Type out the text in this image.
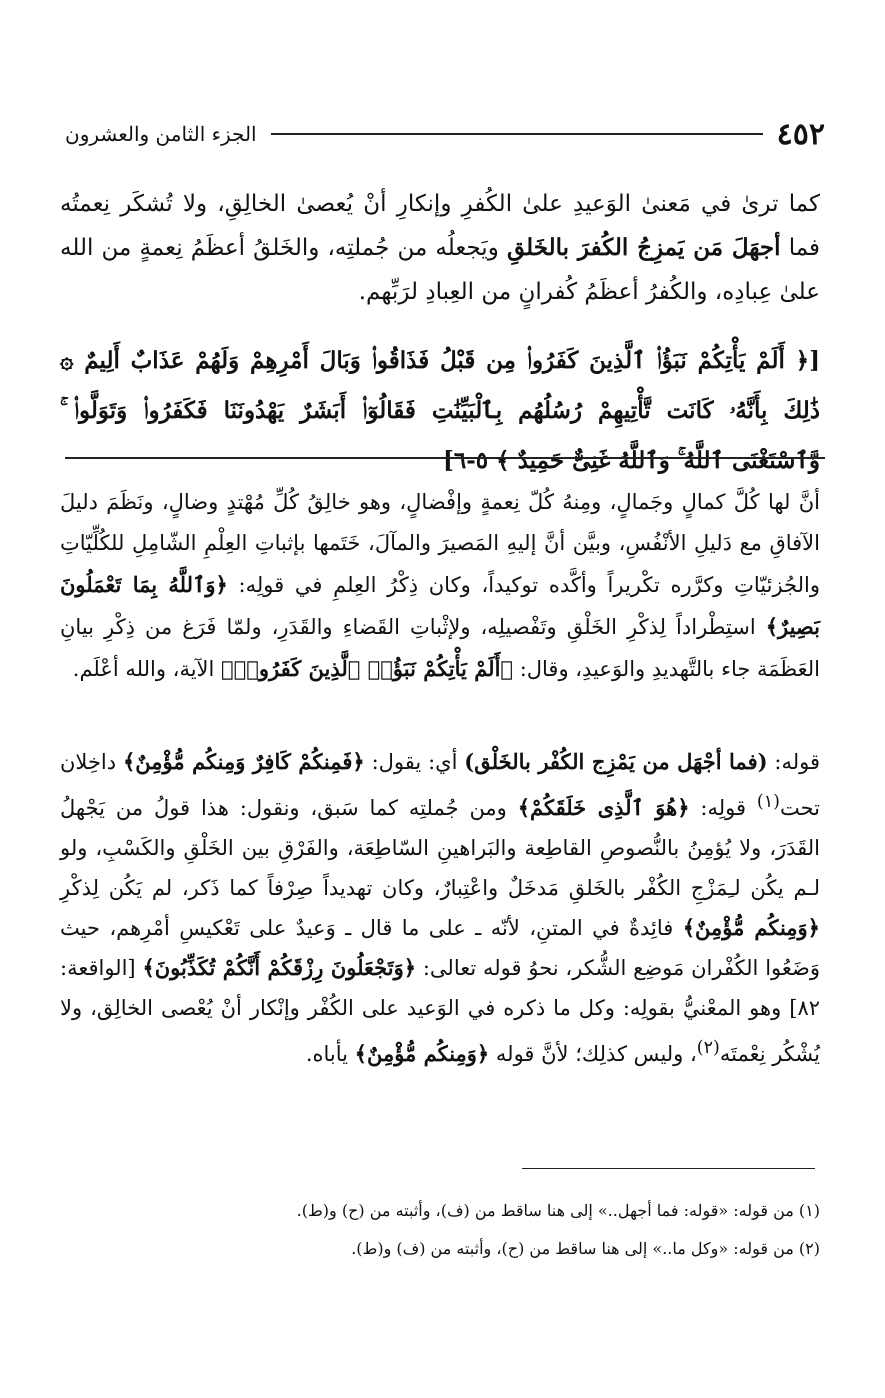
٤٥٢
الجزء الثامن والعشرون

كما ترىٰ في مَعنىٰ الوَعيدِ علىٰ الكُفرِ وإنكارِ أنْ يُعصىٰ الخالِقِ، ولا تُشكَر نِعمتُه فما أجهَلَ مَن يَمزِجُ الكُفرَ بالخَلقِ ويَجعلُه من جُملتِه، والخَلقُ أعظَمُ نِعمةٍ من الله علىٰ عِبادِه، والكُفرُ أعظَمُ كُفرانٍ من العِبادِ لرَبِّهم.

[﴿ أَلَمْ يَأْتِكُمْ نَبَؤُا۟ ٱلَّذِينَ كَفَرُوا۟ مِن قَبْلُ فَذَاقُوا۟ وَبَالَ أَمْرِهِمْ وَلَهُمْ عَذَابٌ أَلِيمٌ ۞ ذَٰلِكَ بِأَنَّهُۥ كَانَت تَّأْتِيهِمْ رُسُلُهُم بِٱلْبَيِّنَٰتِ فَقَالُوٓا۟ أَبَشَرٌ يَهْدُونَنَا فَكَفَرُوا۟ وَتَوَلَّوا۟ ۚ وَّٱسْتَغْنَى ٱللَّهُ ۚ وَٱللَّهُ غَنِىٌّ حَمِيدٌ ﴾ ٥-٦]

أنَّ لها كُلَّ كمالٍ وجَمالٍ، ومِنهُ كُلّ نِعمةٍ وإفْضالٍ، وهو خالِقُ كُلِّ مُهْتدٍ وضالٍ، ونَظَمَ دليلَ الآفاقِ مع دَليلِ الأنْفُسِ، وبيَّن أنَّ إليهِ المَصيرَ والمآلَ، خَتَمها بإثباتِ العِلْمِ الشّامِلِ للكُلِّيّاتِ والجُزئيّاتِ وكرَّره تكْريراً وأكَّده توكيداً، وكان ذِكْرُ العِلمِ في قولِه: ﴿وَٱللَّهُ بِمَا تَعْمَلُونَ بَصِيرٌ﴾ استِطْراداً لِذكْرِ الخَلْقِ وتَفْصيلِه، ولإثْباتِ القَضاءِ والقَدَرِ، ولمّا فَرَغ من ذِكْرِ بيانِ العَظَمَة جاء بالتَّهديدِ والوَعيدِ، وقال: ﴿أَلَمْ يَأْتِكُمْ نَبَؤُا۟ ٱلَّذِينَ كَفَرُوا۟﴾ الآية، والله أعْلَم.

قوله: (فما أجْهَل من يَمْزِج الكُفْر بالخَلْق) أي: يقول: ﴿فَمِنكُمْ كَافِرٌ وَمِنكُم مُّؤْمِنٌ﴾ داخِلان تحت$^{(١)}$ قولِه: ﴿هُوَ ٱلَّذِى خَلَقَكُمْ﴾ ومن جُملتِه كما سَبق، ونقول: هذا قولُ من يَجْهلُ القَدَرَ، ولا يُؤمِنُ بالنُّصوصِ القاطِعة والبَراهينِ السّاطِعَة، والفَرْقِ بين الخَلْقِ والكَسْبِ، ولو لـم يكُن لـِمَزْجِ الكُفْر بالخَلقِ مَدخَلٌ واعْتِبارٌ، وكان تهديداً صِرْفاً كما ذَكر، لم يَكُن لِذكْرِ ﴿وَمِنكُم مُّؤْمِنٌ﴾ فائِدةٌ في المتنِ، لأنّه ـ على ما قال ـ وَعيدٌ على تَعْكيسِ أمْرِهم، حيث وَضَعُوا الكُفْران مَوضِع الشُّكر، نحوُ قوله تعالى: ﴿وَتَجْعَلُونَ رِزْقَكُمْ أَنَّكُمْ تُكَذِّبُونَ﴾ [الواقعة: ٨٢] وهو المعْنيُّ بقولِه: وكل ما ذكره في الوَعيد على الكُفْر وإنْكار أنْ يُعْصى الخالِق، ولا يُشْكُر نِعْمتَه$^{(٢)}$، وليس كذلِك؛ لأنَّ قوله ﴿وَمِنكُم مُّؤْمِنٌ﴾ يأباه.

(١) من قوله: «قوله: فما أجهل..» إلى هنا ساقط من (ف)، وأثبته من (ح) و(ط).

(٢) من قوله: «وكل ما..» إلى هنا ساقط من (ح)، وأثبته من (ف) و(ط).
